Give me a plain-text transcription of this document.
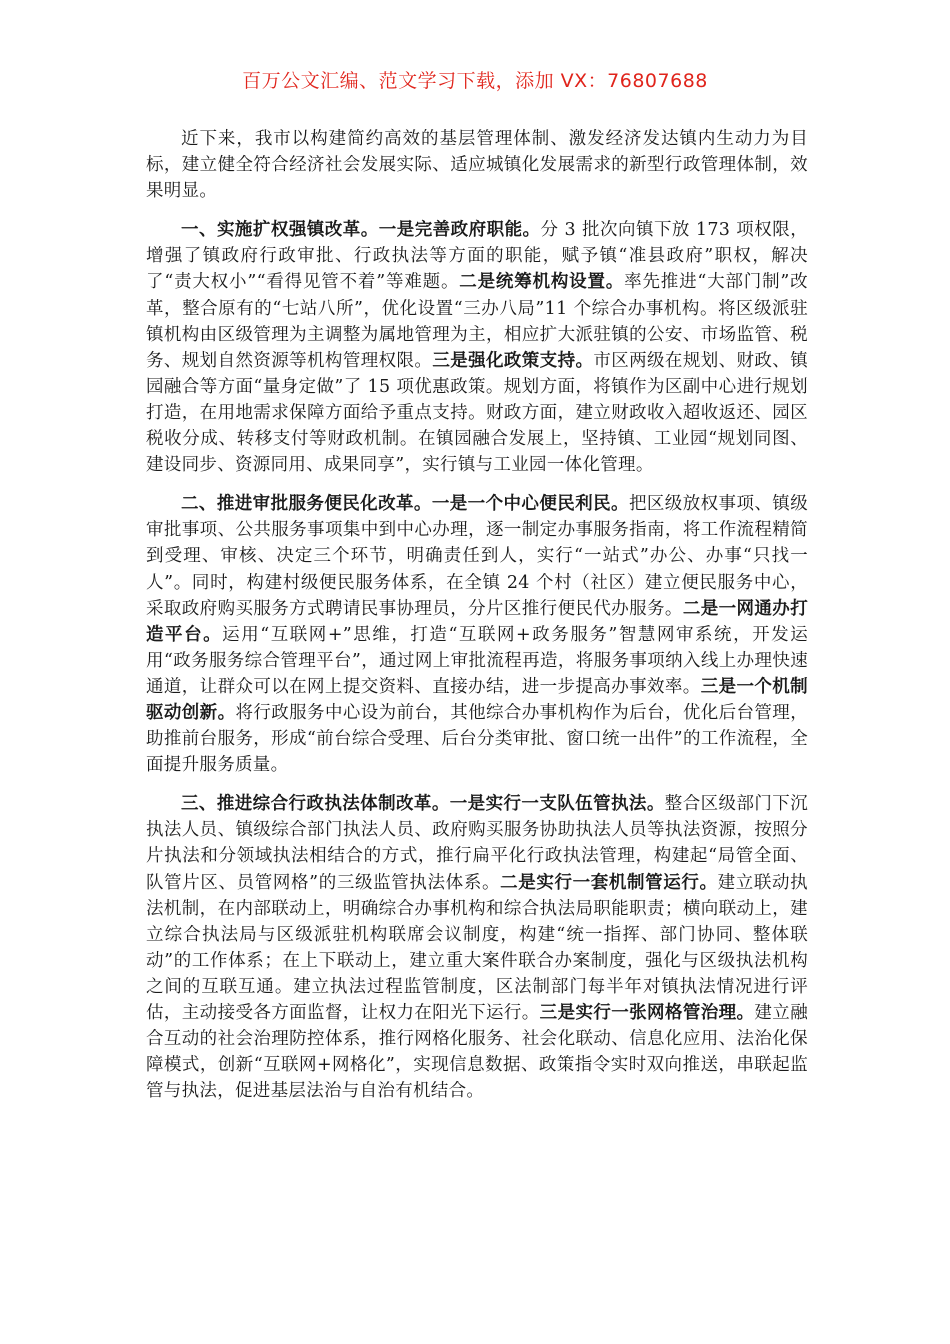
百万公文汇编、范文学习下载，添加 VX：76807688

近下来，我市以构建简约高效的基层管理体制、激发经济发达镇内生动力为目标，建立健全符合经济社会发展实际、适应城镇化发展需求的新型行政管理体制，效果明显。

一、实施扩权强镇改革。一是完善政府职能。分 3 批次向镇下放 173 项权限，增强了镇政府行政审批、行政执法等方面的职能，赋予镇“准县政府”职权，解决了“责大权小”“看得见管不着”等难题。二是统筹机构设置。率先推进“大部门制”改革，整合原有的“七站八所”，优化设置“三办八局”11 个综合办事机构。将区级派驻镇机构由区级管理为主调整为属地管理为主，相应扩大派驻镇的公安、市场监管、税务、规划自然资源等机构管理权限。三是强化政策支持。市区两级在规划、财政、镇园融合等方面“量身定做”了 15 项优惠政策。规划方面，将镇作为区副中心进行规划打造，在用地需求保障方面给予重点支持。财政方面，建立财政收入超收返还、园区税收分成、转移支付等财政机制。在镇园融合发展上，坚持镇、工业园“规划同图、建设同步、资源同用、成果同享”，实行镇与工业园一体化管理。

二、推进审批服务便民化改革。一是一个中心便民利民。把区级放权事项、镇级审批事项、公共服务事项集中到中心办理，逐一制定办事服务指南，将工作流程精简到受理、审核、决定三个环节，明确责任到人，实行“一站式”办公、办事“只找一人”。同时，构建村级便民服务体系，在全镇 24 个村（社区）建立便民服务中心，采取政府购买服务方式聘请民事协理员，分片区推行便民代办服务。二是一网通办打造平台。运用“互联网+”思维，打造“互联网+政务服务”智慧网审系统，开发运用“政务服务综合管理平台”，通过网上审批流程再造，将服务事项纳入线上办理快速通道，让群众可以在网上提交资料、直接办结，进一步提高办事效率。三是一个机制驱动创新。将行政服务中心设为前台，其他综合办事机构作为后台，优化后台管理，助推前台服务，形成“前台综合受理、后台分类审批、窗口统一出件”的工作流程，全面提升服务质量。

三、推进综合行政执法体制改革。一是实行一支队伍管执法。整合区级部门下沉执法人员、镇级综合部门执法人员、政府购买服务协助执法人员等执法资源，按照分片执法和分领域执法相结合的方式，推行扁平化行政执法管理，构建起“局管全面、队管片区、员管网格”的三级监管执法体系。二是实行一套机制管运行。建立联动执法机制，在内部联动上，明确综合办事机构和综合执法局职能职责；横向联动上，建立综合执法局与区级派驻机构联席会议制度，构建“统一指挥、部门协同、整体联动”的工作体系；在上下联动上，建立重大案件联合办案制度，强化与区级执法机构之间的互联互通。建立执法过程监管制度，区法制部门每半年对镇执法情况进行评估，主动接受各方面监督，让权力在阳光下运行。三是实行一张网格管治理。建立融合互动的社会治理防控体系，推行网格化服务、社会化联动、信息化应用、法治化保障模式，创新“互联网+网格化”，实现信息数据、政策指令实时双向推送，串联起监管与执法，促进基层法治与自治有机结合。
